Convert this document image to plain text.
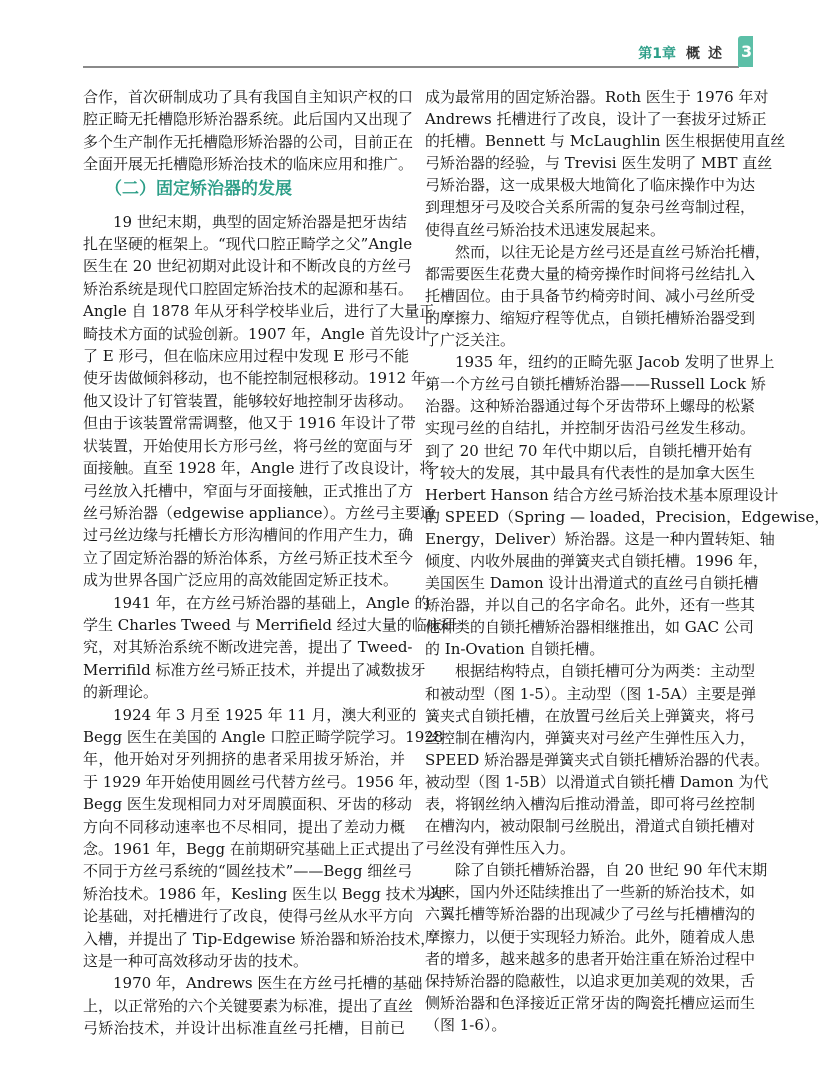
第1章 概述 3
合作，首次研制成功了具有我国自主知识产权的口
腔正畸无托槽隐形矫治器系统。此后国内又出现了
多个生产制作无托槽隐形矫治器的公司，目前正在
全面开展无托槽隐形矫治技术的临床应用和推广。
（二）固定矫治器的发展
19 世纪末期，典型的固定矫治器是把牙齿结
扎在坚硬的框架上。“现代口腔正畸学之父”Angle
医生在 20 世纪初期对此设计和不断改良的方丝弓
矫治系统是现代口腔固定矫治技术的起源和基石。
Angle 自 1878 年从牙科学校毕业后，进行了大量正
畸技术方面的试验创新。1907 年，Angle 首先设计
了 E 形弓，但在临床应用过程中发现 E 形弓不能
使牙齿做倾斜移动，也不能控制冠根移动。1912 年，
他又设计了钉管装置，能够较好地控制牙齿移动。
但由于该装置常需调整，他又于 1916 年设计了带
状装置，开始使用长方形弓丝，将弓丝的宽面与牙
面接触。直至 1928 年，Angle 进行了改良设计，将
弓丝放入托槽中，窄面与牙面接触，正式推出了方
丝弓矫治器（edgewise appliance）。方丝弓主要通
过弓丝边缘与托槽长方形沟槽间的作用产生力，确
立了固定矫治器的矫治体系，方丝弓矫正技术至今
成为世界各国广泛应用的高效能固定矫正技术。
1941 年，在方丝弓矫治器的基础上，Angle 的
学生 Charles Tweed 与 Merrifield 经过大量的临床研
究，对其矫治系统不断改进完善，提出了 Tweed-
Merrifild 标准方丝弓矫正技术，并提出了减数拔牙
的新理论。
1924 年 3 月至 1925 年 11 月，澳大利亚的
Begg 医生在美国的 Angle 口腔正畸学院学习。1928
年，他开始对牙列拥挤的患者采用拔牙矫治，并
于 1929 年开始使用圆丝弓代替方丝弓。1956 年，
Begg 医生发现相同力对牙周膜面积、牙齿的移动
方向不同移动速率也不尽相同，提出了差动力概
念。1961 年，Begg 在前期研究基础上正式提出了
不同于方丝弓系统的“圆丝技术”——Begg 细丝弓
矫治技术。1986 年，Kesling 医生以 Begg 技术为理
论基础，对托槽进行了改良，使得弓丝从水平方向
入槽，并提出了 Tip-Edgewise 矫治器和矫治技术，
这是一种可高效移动牙齿的技术。
1970 年，Andrews 医生在方丝弓托槽的基础
上，以正常殆的六个关键要素为标准，提出了直丝
弓矫治技术，并设计出标准直丝弓托槽，目前已
成为最常用的固定矫治器。Roth 医生于 1976 年对
Andrews 托槽进行了改良，设计了一套拔牙过矫正
的托槽。Bennett 与 McLaughlin 医生根据使用直丝
弓矫治器的经验，与 Trevisi 医生发明了 MBT 直丝
弓矫治器，这一成果极大地简化了临床操作中为达
到理想牙弓及咬合关系所需的复杂弓丝弯制过程，
使得直丝弓矫治技术迅速发展起来。
然而，以往无论是方丝弓还是直丝弓矫治托槽，
都需要医生花费大量的椅旁操作时间将弓丝结扎入
托槽固位。由于具备节约椅旁时间、减小弓丝所受
的摩擦力、缩短疗程等优点，自锁托槽矫治器受到
了广泛关注。
1935 年，纽约的正畸先驱 Jacob 发明了世界上
第一个方丝弓自锁托槽矫治器——Russell Lock 矫
治器。这种矫治器通过每个牙齿带环上螺母的松紧
实现弓丝的自结扎，并控制牙齿沿弓丝发生移动。
到了 20 世纪 70 年代中期以后，自锁托槽开始有
了较大的发展，其中最具有代表性的是加拿大医生
Herbert Hanson 结合方丝弓矫治技术基本原理设计
的 SPEED（Spring — loaded，Precision，Edgewise，
Energy，Deliver）矫治器。这是一种内置转矩、轴
倾度、内收外展曲的弹簧夹式自锁托槽。1996 年，
美国医生 Damon 设计出滑道式的直丝弓自锁托槽
矫治器，并以自己的名字命名。此外，还有一些其
他种类的自锁托槽矫治器相继推出，如 GAC 公司
的 In-Ovation 自锁托槽。
根据结构特点，自锁托槽可分为两类：主动型
和被动型（图 1-5）。主动型（图 1-5A）主要是弹
簧夹式自锁托槽，在放置弓丝后关上弹簧夹，将弓
丝控制在槽沟内，弹簧夹对弓丝产生弹性压入力，
SPEED 矫治器是弹簧夹式自锁托槽矫治器的代表。
被动型（图 1-5B）以滑道式自锁托槽 Damon 为代
表，将钢丝纳入槽沟后推动滑盖，即可将弓丝控制
在槽沟内，被动限制弓丝脱出，滑道式自锁托槽对
弓丝没有弹性压入力。
除了自锁托槽矫治器，自 20 世纪 90 年代末期
以来，国内外还陆续推出了一些新的矫治技术，如
六翼托槽等矫治器的出现减少了弓丝与托槽槽沟的
摩擦力，以便于实现轻力矫治。此外，随着成人患
者的增多，越来越多的患者开始注重在矫治过程中
保持矫治器的隐蔽性，以追求更加美观的效果，舌
侧矫治器和色泽接近正常牙齿的陶瓷托槽应运而生
（图 1-6）。
